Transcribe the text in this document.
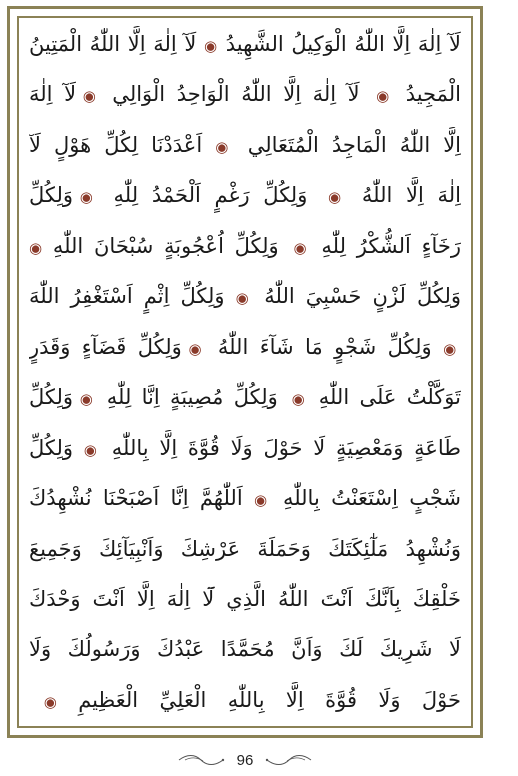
لَآ اِلٰهَ اِلَّا اللّٰهُ الْوَكِيلُ الشَّهِيدُ ◉ لَآ اِلٰهَ اِلَّا اللّٰهُ الْمَتِينُ
الْمَجِيدُ ◉ لَآ اِلٰهَ اِلَّا اللّٰهُ الْوَاحِدُ الْوَالِي ◉ لَآ اِلٰهَ
اِلَّا اللّٰهُ الْمَاجِدُ الْمُتَعَالِي ◉ اَعْدَدْنَا لِكُلِّ هَوْلٍ لَآ
اِلٰهَ اِلَّا اللّٰهُ ◉ وَلِكُلِّ رَغْمٍ اَلْحَمْدُ لِلّٰهِ ◉ وَلِكُلِّ
رَخَآءٍ اَلشُّكْرُ لِلّٰهِ ◉ وَلِكُلِّ اُعْجُوبَةٍ سُبْحَانَ اللّٰهِ ◉
وَلِكُلِّ لَزْنٍ حَسْبِيَ اللّٰهُ ◉ وَلِكُلِّ اِثْمٍ اَسْتَغْفِرُ اللّٰهَ
◉ وَلِكُلِّ شَجْوٍ مَا شَآءَ اللّٰهُ ◉ وَلِكُلِّ قَضَآءٍ وَقَدَرٍ
تَوَكَّلْتُ عَلَى اللّٰهِ ◉ وَلِكُلِّ مُصِيبَةٍ اِنَّا لِلّٰهِ ◉ وَلِكُلِّ
طَاعَةٍ وَمَعْصِيَةٍ لَا حَوْلَ وَلَا قُوَّةَ اِلَّا بِاللّٰهِ ◉ وَلِكُلِّ
شَجْبٍ اِسْتَعَنْتُ بِاللّٰهِ ◉ اَللّٰهُمَّ اِنَّا اَصْبَحْنَا نُشْهِدُكَ
وَنُشْهِدُ مَلٰٓئِكَتَكَ وَحَمَلَةَ عَرْشِكَ وَاَنْبِيَآئِكَ وَجَمِيعَ
خَلْقِكَ بِاَنَّكَ اَنْتَ اللّٰهُ الَّذِي لَٓا اِلٰهَ اِلَّا اَنْتَ وَحْدَكَ
لَا شَرِيكَ لَكَ وَاَنَّ مُحَمَّدًا عَبْدُكَ وَرَسُولُكَ وَلَا
حَوْلَ وَلَا قُوَّةَ اِلَّا بِاللّٰهِ الْعَلِيِّ الْعَظِيمِ ◉
96
